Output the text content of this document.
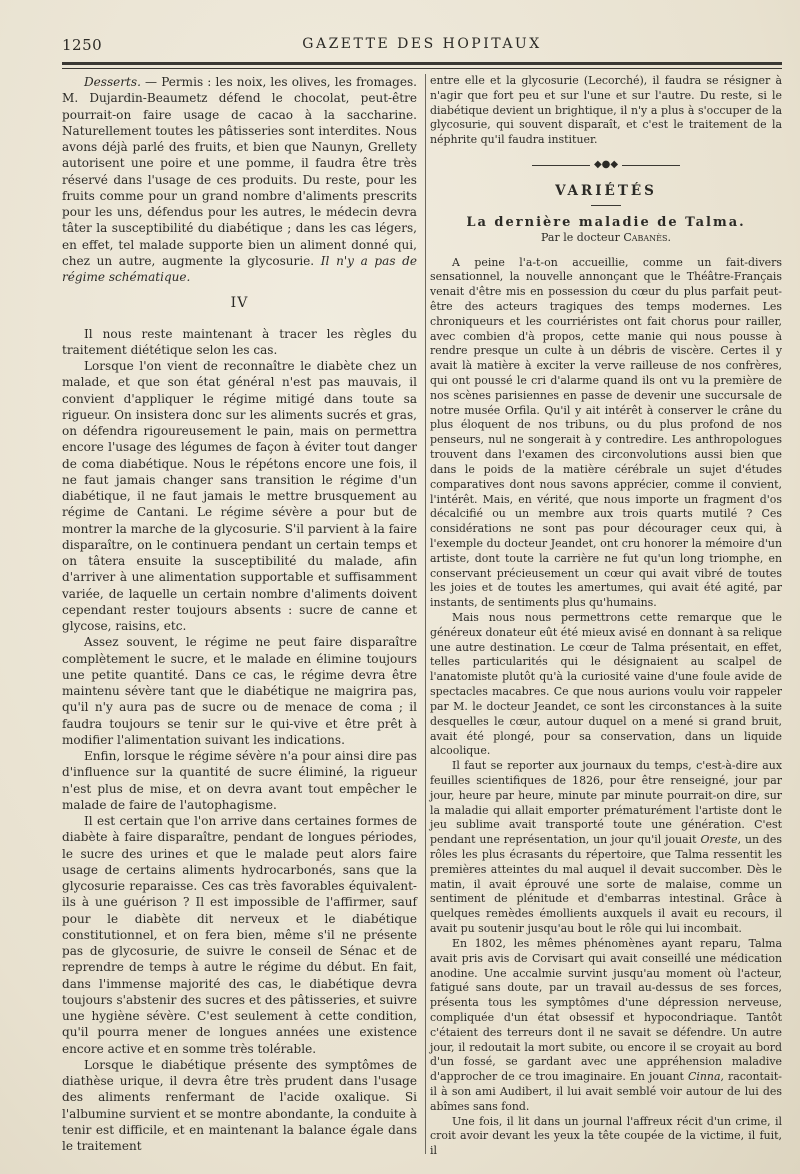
1250	GAZETTE DES HOPITAUX

Desserts. — Permis : les noix, les olives, les fromages. M. Dujardin-Beaumetz défend le chocolat, peut-être pourrait-on faire usage de cacao à la saccharine. Naturellement toutes les pâtisseries sont interdites. Nous avons déjà parlé des fruits, et bien que Naunyn, Grellety autorisent une poire et une pomme, il faudra être très réservé dans l'usage de ces produits. Du reste, pour les fruits comme pour un grand nombre d'aliments prescrits pour les uns, défendus pour les autres, le médecin devra tâter la susceptibilité du diabétique ; dans les cas légers, en effet, tel malade supporte bien un aliment donné qui, chez un autre, augmente la glycosurie. Il n'y a pas de régime schématique.

IV

Il nous reste maintenant à tracer les règles du traitement diététique selon les cas.

Lorsque l'on vient de reconnaître le diabète chez un malade, et que son état général n'est pas mauvais, il convient d'appliquer le régime mitigé dans toute sa rigueur. On insistera donc sur les aliments sucrés et gras, on défendra rigoureusement le pain, mais on permettra encore l'usage des légumes de façon à éviter tout danger de coma diabétique. Nous le répétons encore une fois, il ne faut jamais changer sans transition le régime d'un diabétique, il ne faut jamais le mettre brusquement au régime de Cantani. Le régime sévère a pour but de montrer la marche de la glycosurie. S'il parvient à la faire disparaître, on le continuera pendant un certain temps et on tâtera ensuite la susceptibilité du malade, afin d'arriver à une alimentation supportable et suffisamment variée, de laquelle un certain nombre d'aliments doivent cependant rester toujours absents : sucre de canne et glycose, raisins, etc.

Assez souvent, le régime ne peut faire disparaître complètement le sucre, et le malade en élimine toujours une petite quantité. Dans ce cas, le régime devra être maintenu sévère tant que le diabétique ne maigrira pas, qu'il n'y aura pas de sucre ou de menace de coma ; il faudra toujours se tenir sur le qui-vive et être prêt à modifier l'alimentation suivant les indications.

Enfin, lorsque le régime sévère n'a pour ainsi dire pas d'influence sur la quantité de sucre éliminé, la rigueur n'est plus de mise, et on devra avant tout empêcher le malade de faire de l'autophagisme.

Il est certain que l'on arrive dans certaines formes de diabète à faire disparaître, pendant de longues périodes, le sucre des urines et que le malade peut alors faire usage de certains aliments hydrocarbonés, sans que la glycosurie reparaisse. Ces cas très favorables équivalent-ils à une guérison ? Il est impossible de l'affirmer, sauf pour le diabète dit nerveux et le diabétique constitutionnel, et on fera bien, même s'il ne présente pas de glycosurie, de suivre le conseil de Sénac et de reprendre de temps à autre le régime du début. En fait, dans l'immense majorité des cas, le diabétique devra toujours s'abstenir des sucres et des pâtisseries, et suivre une hygiène sévère. C'est seulement à cette condition, qu'il pourra mener de longues années une existence encore active et en somme très tolérable.

Lorsque le diabétique présente des symptômes de diathèse urique, il devra être très prudent dans l'usage des aliments renfermant de l'acide oxalique. Si l'albumine survient et se montre abondante, la conduite à tenir est difficile, et en maintenant la balance égale dans le traitement

entre elle et la glycosurie (Lecorché), il faudra se résigner à n'agir que fort peu et sur l'une et sur l'autre. Du reste, si le diabétique devient un brightique, il n'y a plus à s'occuper de la glycosurie, qui souvent disparaît, et c'est le traitement de la néphrite qu'il faudra instituer.

◆●◆
VARIÉTÉS
La dernière maladie de Talma.
Par le docteur Cabanès.

A peine l'a-t-on accueillie, comme un fait-divers sensationnel, la nouvelle annonçant que le Théâtre-Français venait d'être mis en possession du cœur du plus parfait peut-être des acteurs tragiques des temps modernes. Les chroniqueurs et les courriéristes ont fait chorus pour railler, avec combien d'à propos, cette manie qui nous pousse à rendre presque un culte à un débris de viscère. Certes il y avait là matière à exciter la verve railleuse de nos confrères, qui ont poussé le cri d'alarme quand ils ont vu la première de nos scènes parisiennes en passe de devenir une succursale de notre musée Orfila. Qu'il y ait intérêt à conserver le crâne du plus éloquent de nos tribuns, ou du plus profond de nos penseurs, nul ne songerait à y contredire. Les anthropologues trouvent dans l'examen des circonvolutions aussi bien que dans le poids de la matière cérébrale un sujet d'études comparatives dont nous savons apprécier, comme il convient, l'intérêt. Mais, en vérité, que nous importe un fragment d'os décalcifié ou un membre aux trois quarts mutilé ? Ces considérations ne sont pas pour décourager ceux qui, à l'exemple du docteur Jeandet, ont cru honorer la mémoire d'un artiste, dont toute la carrière ne fut qu'un long triomphe, en conservant précieusement un cœur qui avait vibré de toutes les joies et de toutes les amertumes, qui avait été agité, par instants, de sentiments plus qu'humains.

Mais nous nous permettrons cette remarque que le généreux donateur eût été mieux avisé en donnant à sa relique une autre destination. Le cœur de Talma présentait, en effet, telles particularités qui le désignaient au scalpel de l'anatomiste plutôt qu'à la curiosité vaine d'une foule avide de spectacles macabres. Ce que nous aurions voulu voir rappeler par M. le docteur Jeandet, ce sont les circonstances à la suite desquelles le cœur, autour duquel on a mené si grand bruit, avait été plongé, pour sa conservation, dans un liquide alcoolique.

Il faut se reporter aux journaux du temps, c'est-à-dire aux feuilles scientifiques de 1826, pour être renseigné, jour par jour, heure par heure, minute par minute pourrait-on dire, sur la maladie qui allait emporter prématurément l'artiste dont le jeu sublime avait transporté toute une génération. C'est pendant une représentation, un jour qu'il jouait Oreste, un des rôles les plus écrasants du répertoire, que Talma ressentit les premières atteintes du mal auquel il devait succomber. Dès le matin, il avait éprouvé une sorte de malaise, comme un sentiment de plénitude et d'embarras intestinal. Grâce à quelques remèdes émollients auxquels il avait eu recours, il avait pu soutenir jusqu'au bout le rôle qui lui incombait.

En 1802, les mêmes phénomènes ayant reparu, Talma avait pris avis de Corvisart qui avait conseillé une médication anodine. Une accalmie survint jusqu'au moment où l'acteur, fatigué sans doute, par un travail au-dessus de ses forces, présenta tous les symptômes d'une dépression nerveuse, compliquée d'un état obsessif et hypocondriaque. Tantôt c'étaient des terreurs dont il ne savait se défendre. Un autre jour, il redoutait la mort subite, ou encore il se croyait au bord d'un fossé, se gardant avec une appréhension maladive d'approcher de ce trou imaginaire. En jouant Cinna, racontait-il à son ami Audibert, il lui avait semblé voir autour de lui des abîmes sans fond.

Une fois, il lit dans un journal l'affreux récit d'un crime, il croit avoir devant les yeux la tête coupée de la victime, il fuit, il
